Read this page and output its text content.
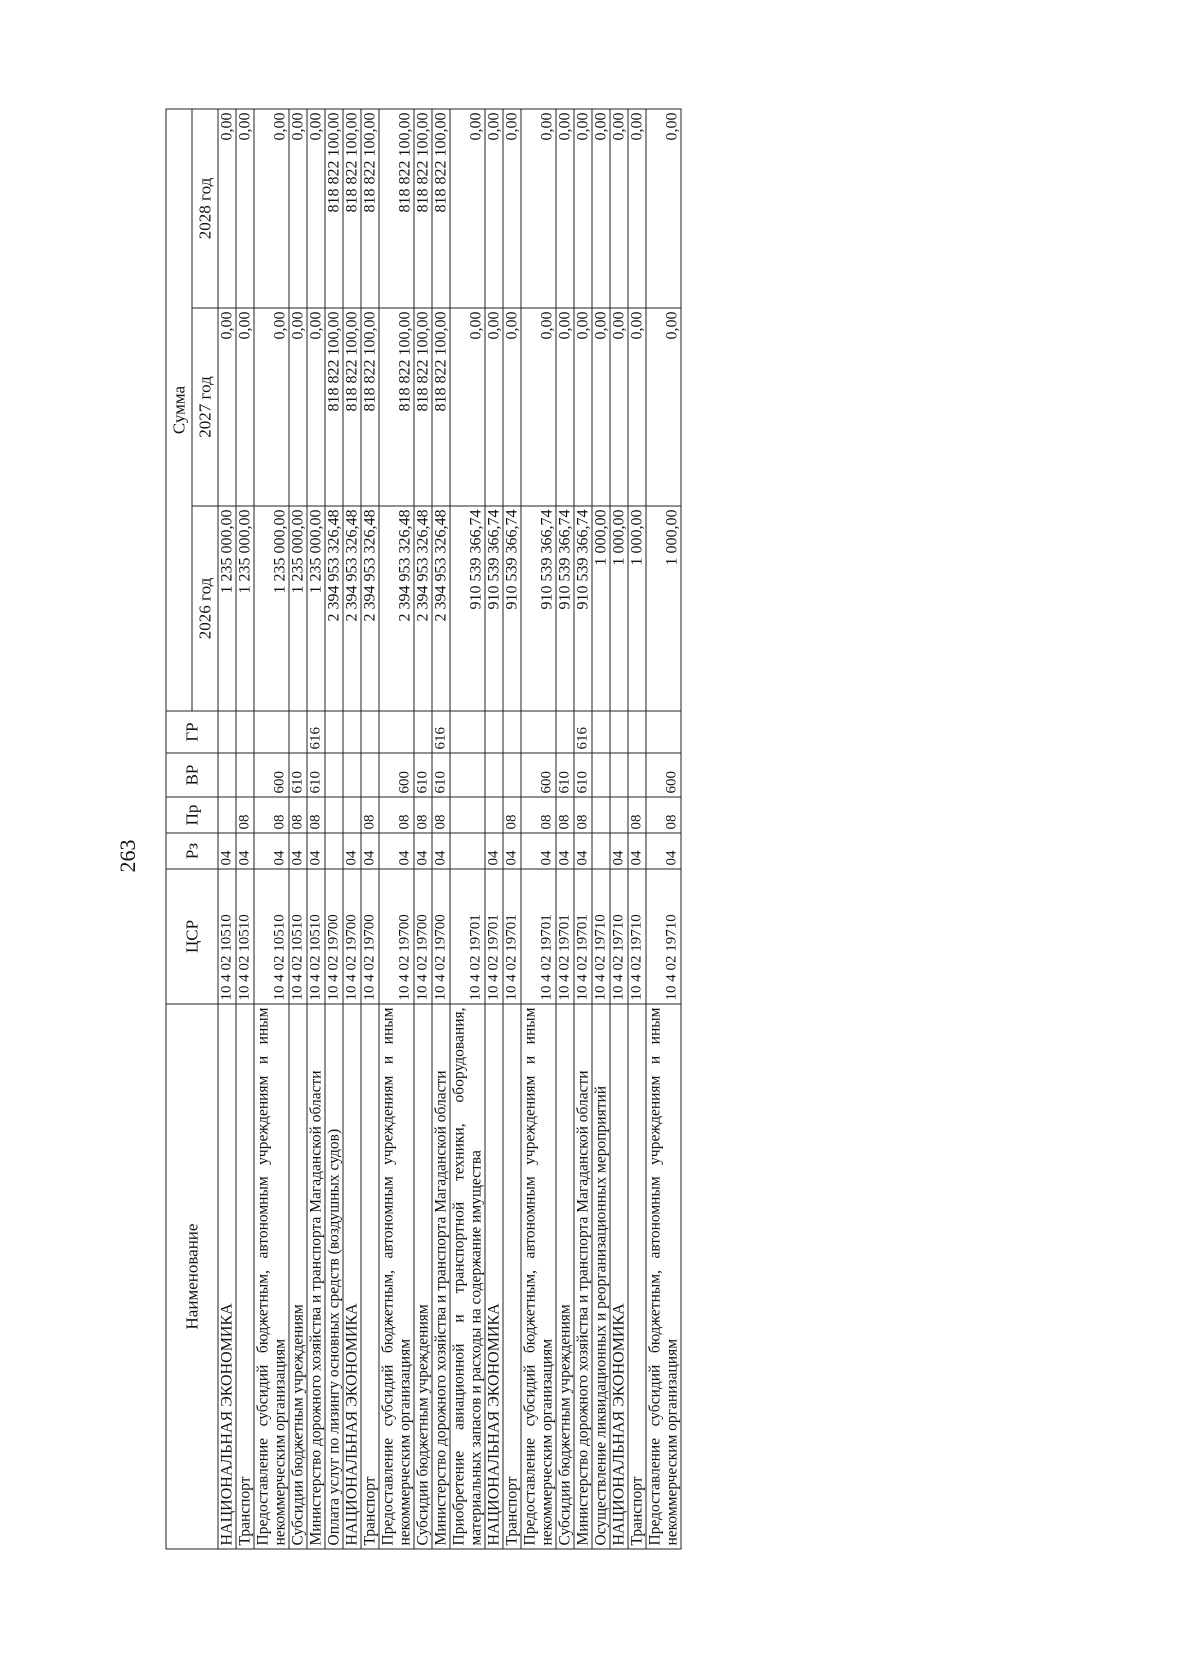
263
Наименование	ЦСР	Рз	Пр	ВР	ГР	Сумма		
						2026 год	2027 год	2028 год
НАЦИОНАЛЬНАЯ ЭКОНОМИКА	10 4 02 10510	04				1 235 000,00	0,00	0,00
Транспорт	10 4 02 10510	04	08			1 235 000,00	0,00	0,00
Предоставление субсидий бюджетным, автономным учреждениям и иным некоммерческим организациям	10 4 02 10510	04	08	600		1 235 000,00	0,00	0,00
Субсидии бюджетным учреждениям	10 4 02 10510	04	08	610		1 235 000,00	0,00	0,00
Министерство дорожного хозяйства и транспорта Магаданской области	10 4 02 10510	04	08	610	616	1 235 000,00	0,00	0,00
Оплата услуг по лизингу основных средств (воздушных судов)	10 4 02 19700					2 394 953 326,48	818 822 100,00	818 822 100,00
НАЦИОНАЛЬНАЯ ЭКОНОМИКА	10 4 02 19700	04				2 394 953 326,48	818 822 100,00	818 822 100,00
Транспорт	10 4 02 19700	04	08			2 394 953 326,48	818 822 100,00	818 822 100,00
Предоставление субсидий бюджетным, автономным учреждениям и иным некоммерческим организациям	10 4 02 19700	04	08	600		2 394 953 326,48	818 822 100,00	818 822 100,00
Субсидии бюджетным учреждениям	10 4 02 19700	04	08	610		2 394 953 326,48	818 822 100,00	818 822 100,00
Министерство дорожного хозяйства и транспорта Магаданской области	10 4 02 19700	04	08	610	616	2 394 953 326,48	818 822 100,00	818 822 100,00
Приобретение авиационной и транспортной техники, оборудования, материальных запасов и расходы на содержание имущества	10 4 02 19701					910 539 366,74	0,00	0,00
НАЦИОНАЛЬНАЯ ЭКОНОМИКА	10 4 02 19701	04				910 539 366,74	0,00	0,00
Транспорт	10 4 02 19701	04	08			910 539 366,74	0,00	0,00
Предоставление субсидий бюджетным, автономным учреждениям и иным некоммерческим организациям	10 4 02 19701	04	08	600		910 539 366,74	0,00	0,00
Субсидии бюджетным учреждениям	10 4 02 19701	04	08	610		910 539 366,74	0,00	0,00
Министерство дорожного хозяйства и транспорта Магаданской области	10 4 02 19701	04	08	610	616	910 539 366,74	0,00	0,00
Осуществление ликвидационных и реорганизационных мероприятий	10 4 02 19710					1 000,00	0,00	0,00
НАЦИОНАЛЬНАЯ ЭКОНОМИКА	10 4 02 19710	04				1 000,00	0,00	0,00
Транспорт	10 4 02 19710	04	08			1 000,00	0,00	0,00
Предоставление субсидий бюджетным, автономным учреждениям и иным некоммерческим организациям	10 4 02 19710	04	08	600		1 000,00	0,00	0,00
